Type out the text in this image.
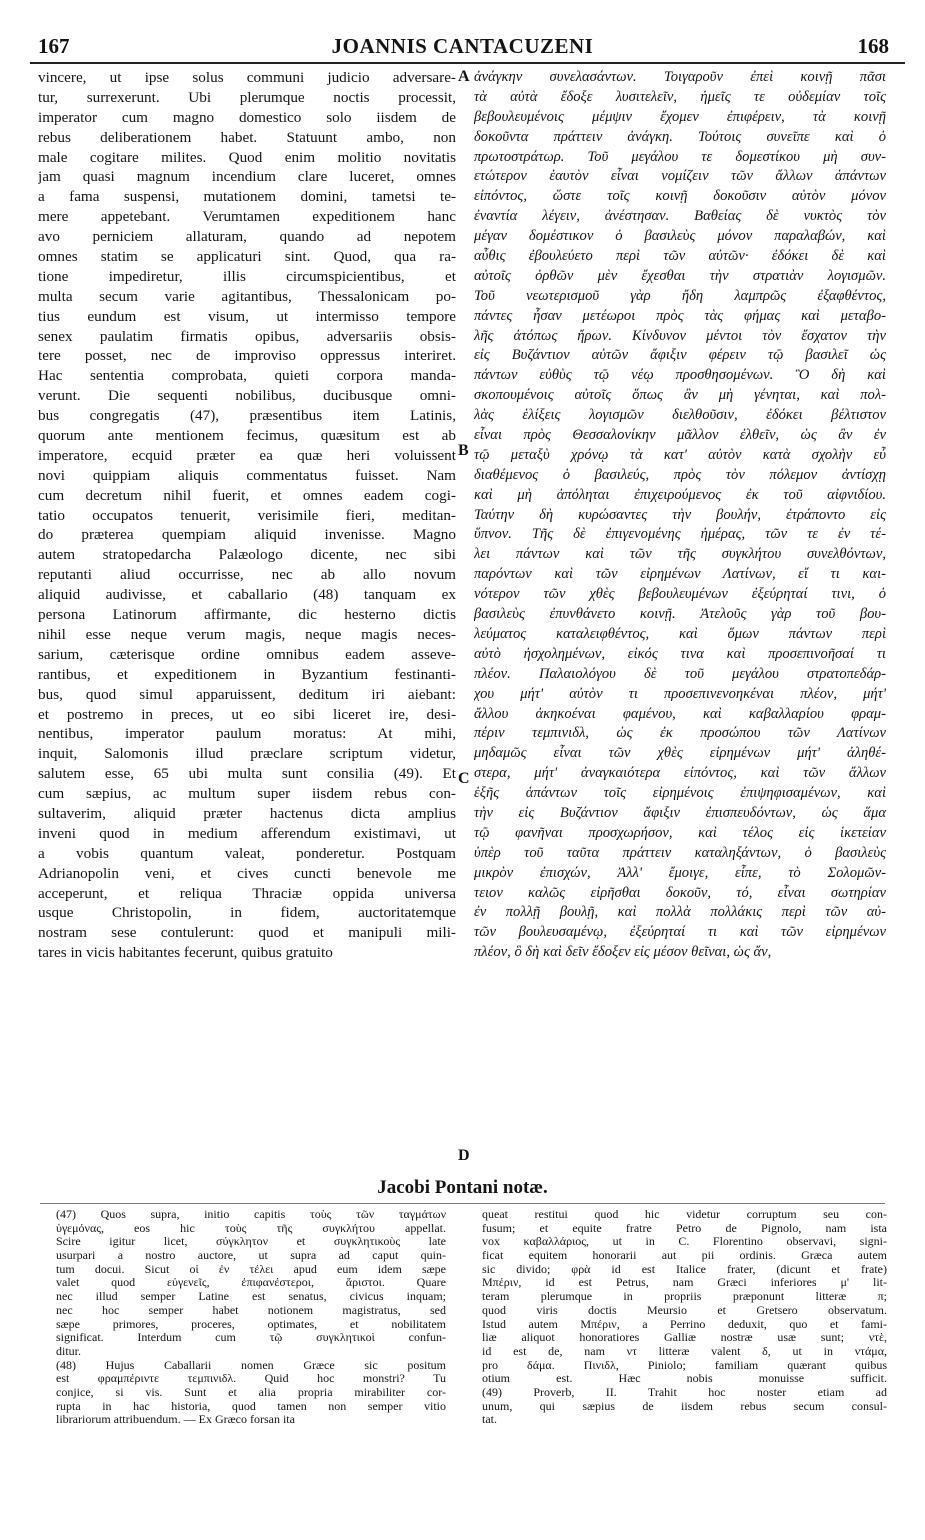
167	JOANNIS CANTACUZENI	168
vincere, ut ipse solus communi judicio adversare-
tur, surrexerunt. Ubi plerumque noctis processit,
imperator cum magno domestico solo iisdem de
rebus deliberationem habet. Statuunt ambo, non
male cogitare milites. Quod enim molitio novitatis
jam quasi magnum incendium clare luceret, omnes
a fama suspensi, mutationem domini, tametsi te-
mere appetebant. Verumtamen expeditionem hanc
avo perniciem allaturam, quando ad nepotem
omnes statim se applicaturi sint. Quod, qua ra-
tione impediretur, illis circumspicientibus, et
multa secum varie agitantibus, Thessalonicam po-
tius eundum est visum, ut intermisso tempore
senex paulatim firmatis opibus, adversariis obsis-
tere posset, nec de improviso oppressus interiret.
Hac sententia comprobata, quieti corpora manda-
verunt. Die sequenti nobilibus, ducibusque omni-
bus congregatis (47), præsentibus item Latinis,
quorum ante mentionem fecimus, quæsitum est ab
imperatore, ecquid præter ea quæ heri voluissent
novi quippiam aliquis commentatus fuisset. Nam
cum decretum nihil fuerit, et omnes eadem cogi-
tatio occupatos tenuerit, verisimile fieri, meditan-
do præterea quempiam aliquid invenisse. Magno
autem stratopedarcha Palæologo dicente, nec sibi
reputanti aliud occurrisse, nec ab allo novum
aliquid audivisse, et caballario (48) tanquam ex
persona Latinorum affirmante, dic hesterno dictis
nihil esse neque verum magis, neque magis neces-
sarium, cæterisque ordine omnibus eadem asseve-
rantibus, et expeditionem in Byzantium festinanti-
bus, quod simul apparuissent, deditum iri aiebant:
et postremo in preces, ut eo sibi liceret ire, desi-
nentibus, imperator paulum moratus: At mihi,
inquit, Salomonis illud præclare scriptum videtur,
salutem esse, 65 ubi multa sunt consilia (49). Et
cum sæpius, ac multum super iisdem rebus con-
sultaverim, aliquid præter hactenus dicta amplius
inveni quod in medium afferendum existimavi, ut
a vobis quantum valeat, ponderetur. Postquam
Adrianopolin veni, et cives cuncti benevole me
acceperunt, et reliqua Thraciæ oppida universa
usque Christopolin, in fidem, auctoritatemque
nostram sese contulerunt: quod et manipuli mili-
tares in vicis habitantes fecerunt, quibus gratuito
ἀνάγκην συνελασάντων. Τοιγαροῦν ἐπεὶ κοινῇ πᾶσι
τὰ αὐτὰ ἔδοξε λυσιτελεῖν, ἡμεῖς τε οὐδεμίαν τοῖς
βεβουλευμένοις μέμψιν ἔχομεν ἐπιφέρειν, τὰ κοινῇ
δοκοῦντα πράττειν ἀνάγκη. Τούτοις συνεῖπε καὶ ὁ
πρωτοστράτωρ. Τοῦ μεγάλου τε δομεστίκου μὴ συν-
ετώτερον ἑαυτὸν εἶναι νομίζειν τῶν ἄλλων ἁπάντων
εἰπόντος, ὥστε τοῖς κοινῇ δοκοῦσιν αὐτὸν μόνον
ἐναντία λέγειν, ἀνέστησαν. Βαθείας δὲ νυκτὸς τὸν
μέγαν δομέστικον ὁ βασιλεὺς μόνον παραλαβών, καὶ
αὖθις ἐβουλεύετο περὶ τῶν αὐτῶν· ἐδόκει δὲ καὶ
αὐτοῖς ὀρθῶν μὲν ἔχεσθαι τὴν στρατιὰν λογισμῶν.
Τοῦ νεωτερισμοῦ γὰρ ἤδη λαμπρῶς ἐξαφθέντος,
πάντες ἦσαν μετέωροι πρὸς τὰς φήμας καὶ μεταβο-
λῆς ἀτόπως ἤρων. Κίνδυνον μέντοι τὸν ἔσχατον τὴν
εἰς Βυζάντιον αὐτῶν ἄφιξιν φέρειν τῷ βασιλεῖ ὡς
πάντων εὐθὺς τῷ νέῳ προσθησομένων. Ὃ δὴ καὶ
σκοπουμένοις αὐτοῖς ὅπως ἂν μὴ γένηται, καὶ πολ-
λὰς ἑλίξεις λογισμῶν διελθοῦσιν, ἐδόκει βέλτιστον
εἶναι πρὸς Θεσσαλονίκην μᾶλλον ἐλθεῖν, ὡς ἂν ἐν
τῷ μεταξὺ χρόνῳ τὰ κατ' αὐτὸν κατὰ σχολὴν εὖ
διαθέμενος ὁ βασιλεύς, πρὸς τὸν πόλεμον ἀντίσχῃ
καὶ μὴ ἀπόληται ἐπιχειρούμενος ἐκ τοῦ αἰφνιδίου.
Ταύτην δὴ κυρώσαντες τὴν βουλήν, ἐτράποντο εἰς
ὕπνον. Τῆς δὲ ἐπιγενομένης ἡμέρας, τῶν τε ἐν τέ-
λει πάντων καὶ τῶν τῆς συγκλήτου συνελθόντων,
παρόντων καὶ τῶν εἰρημένων Λατίνων, εἴ τι και-
νότερον τῶν χθὲς βεβουλευμένων ἐξεύρηταί τινι, ὁ
βασιλεὺς ἐπυνθάνετο κοινῇ. Ἀτελοῦς γὰρ τοῦ βου-
λεύματος καταλειφθέντος, καὶ ὅμων πάντων περὶ
αὐτὸ ἠσχολημένων, εἰκός τινα καὶ προσεπινοῆσαί τι
πλέον. Παλαιολόγου δὲ τοῦ μεγάλου στρατοπεδάρ-
χου μήτ' αὐτὸν τι προσεπινενοηκέναι πλέον, μήτ'
ἄλλου ἀκηκοέναι φαμένου, καὶ καβαλλαρίου φραμ-
πέριν τεμπινιδλ, ὡς ἐκ προσώπου τῶν Λατίνων
μηδαμῶς εἶναι τῶν χθὲς εἰρημένων μήτ' ἀληθέ-
στερα, μήτ' ἀναγκαιότερα εἰπόντος, καὶ τῶν ἄλλων
ἑξῆς ἁπάντων τοῖς εἰρημένοις ἐπιψηφισαμένων, καὶ
τὴν εἰς Βυζάντιον ἄφιξιν ἐπισπευδόντων, ὡς ἅμα
τῷ φανῆναι προσχωρήσον, καὶ τέλος εἰς ἱκετείαν
ὑπὲρ τοῦ ταῦτα πράττειν καταληξάντων, ὁ βασιλεὺς
μικρὸν ἐπισχών, Ἀλλ' ἔμοιγε, εἶπε, τὸ Σολομῶν-
τειον καλῶς εἰρῆσθαι δοκοῦν, τό, εἶναι σωτηρίαν
ἐν πολλῇ βουλῇ, καὶ πολλὰ πολλάκις περὶ τῶν αὐ-
τῶν βουλευσαμένῳ, ἐξεύρηταί τι καὶ τῶν εἰρημένων
πλέον, ὃ δὴ καὶ δεῖν ἔδοξεν εἰς μέσον θεῖναι, ὡς ἄν,
A
B
C
D
Jacobi Pontani notæ.
(47) Quos supra, initio capitis τοὺς τῶν ταγμάτων
ὑγεμόνας, eos hic τοὺς τῆς συγκλήτου appellat.
Scire igitur licet, σύγκλητον et συγκλητικοὺς late
usurpari a nostro auctore, ut supra ad caput quin-
tum docui. Sicut οἱ ἐν τέλει apud eum idem sæpe
valet quod εὐγενεῖς, ἐπιφανέστεροι, ἄριστοι. Quare
nec illud semper Latine est senatus, civicus inquam;
nec hoc semper habet notionem magistratus, sed
sæpe primores, proceres, optimates, et nobilitatem
significat. Interdum cum τῷ συγκλητικοὶ confun-
ditur.
(48) Hujus Caballarii nomen Græce sic positum
est φραμπέριντε τεμπινιδλ. Quid hoc monstri? Tu
conjice, si vis. Sunt et alia propria mirabiliter cor-
rupta in hac historia, quod tamen non semper vitio
librariorum attribuendum. — Ex Græco forsan ita
queat restitui quod hic videtur corruptum seu con-
fusum; et equite fratre Petro de Pignolo, nam ista
vox καβαλλάριος, ut in C. Florentino observavi, signi-
ficat equitem honorarii aut pii ordinis. Græca autem
sic divido; φρὰ id est Italice frater, (dicunt et frate)
Μπέριν, id est Petrus, nam Græci inferiores μ' lit-
teram plerumque in propriis præponunt litteræ π;
quod viris doctis Meursio et Gretsero observatum.
Istud autem Μπέριν, a Perrino deduxit, quo et fami-
liæ aliquot honoratiores Galliæ nostræ usæ sunt; ντὲ,
id est de, nam ντ litteræ valent δ, ut in ντάμα,
pro δάμα. Πινιδλ, Piniolo; familiam quærant quibus
otium est. Hæc nobis monuisse sufficit.
(49) Proverb, II. Trahit hoc noster etiam ad
unum, qui sæpius de iisdem rebus secum consul-
tat.
